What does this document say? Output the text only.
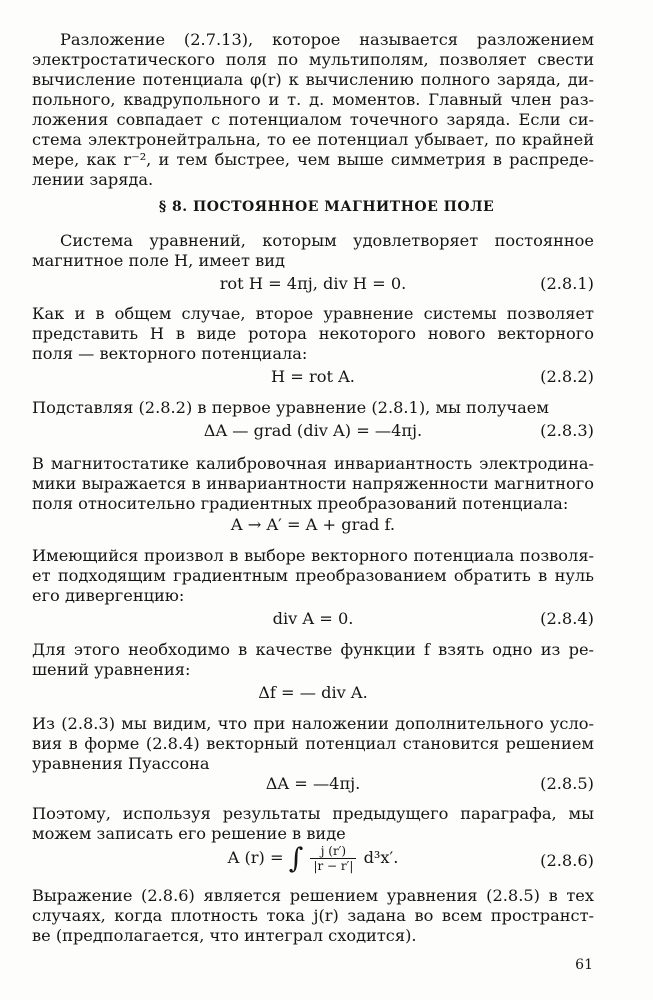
Разложение (2.7.13), которое называется разложением
электростатического поля по мультиполям, позволяет свести
вычисление потенциала φ(r) к вычислению полного заряда, ди-
польного, квадрупольного и т. д. моментов. Главный член раз-
ложения совпадает с потенциалом точечного заряда. Если си-
стема электронейтральна, то ее потенциал убывает, по крайней
мере, как r⁻², и тем быстрее, чем выше симметрия в распреде-
лении заряда.
§ 8. ПОСТОЯННОЕ МАГНИТНОЕ ПОЛЕ
Система уравнений, которым удовлетворяет постоянное
магнитное поле H, имеет вид
rot H = 4πj, div H = 0.	(2.8.1)
Как и в общем случае, второе уравнение системы позволяет
представить H в виде ротора некоторого нового векторного
поля — векторного потенциала:
H = rot A.	(2.8.2)
Подставляя (2.8.2) в первое уравнение (2.8.1), мы получаем
ΔA — grad (div A) = —4πj.	(2.8.3)
В магнитостатике калибровочная инвариантность электродина-
мики выражается в инвариантности напряженности магнитного
поля относительно градиентных преобразований потенциала:
A → A′ = A + grad f.
Имеющийся произвол в выборе векторного потенциала позволя-
ет подходящим градиентным преобразованием обратить в нуль
его дивергенцию:
div A = 0.	(2.8.4)
Для этого необходимо в качестве функции f взять одно из ре-
шений уравнения:
Δf = — div A.
Из (2.8.3) мы видим, что при наложении дополнительного усло-
вия в форме (2.8.4) векторный потенциал становится решением
уравнения Пуассона
ΔA = —4πj.	(2.8.5)
Поэтому, используя результаты предыдущего параграфа, мы
можем записать его решение в виде
A (r) = ∫ $\frac{j (r')}{|r - r'|} d^3x'$.	(2.8.6)
Выражение (2.8.6) является решением уравнения (2.8.5) в тех
случаях, когда плотность тока j(r) задана во всем пространст-
ве (предполагается, что интеграл сходится).
61
